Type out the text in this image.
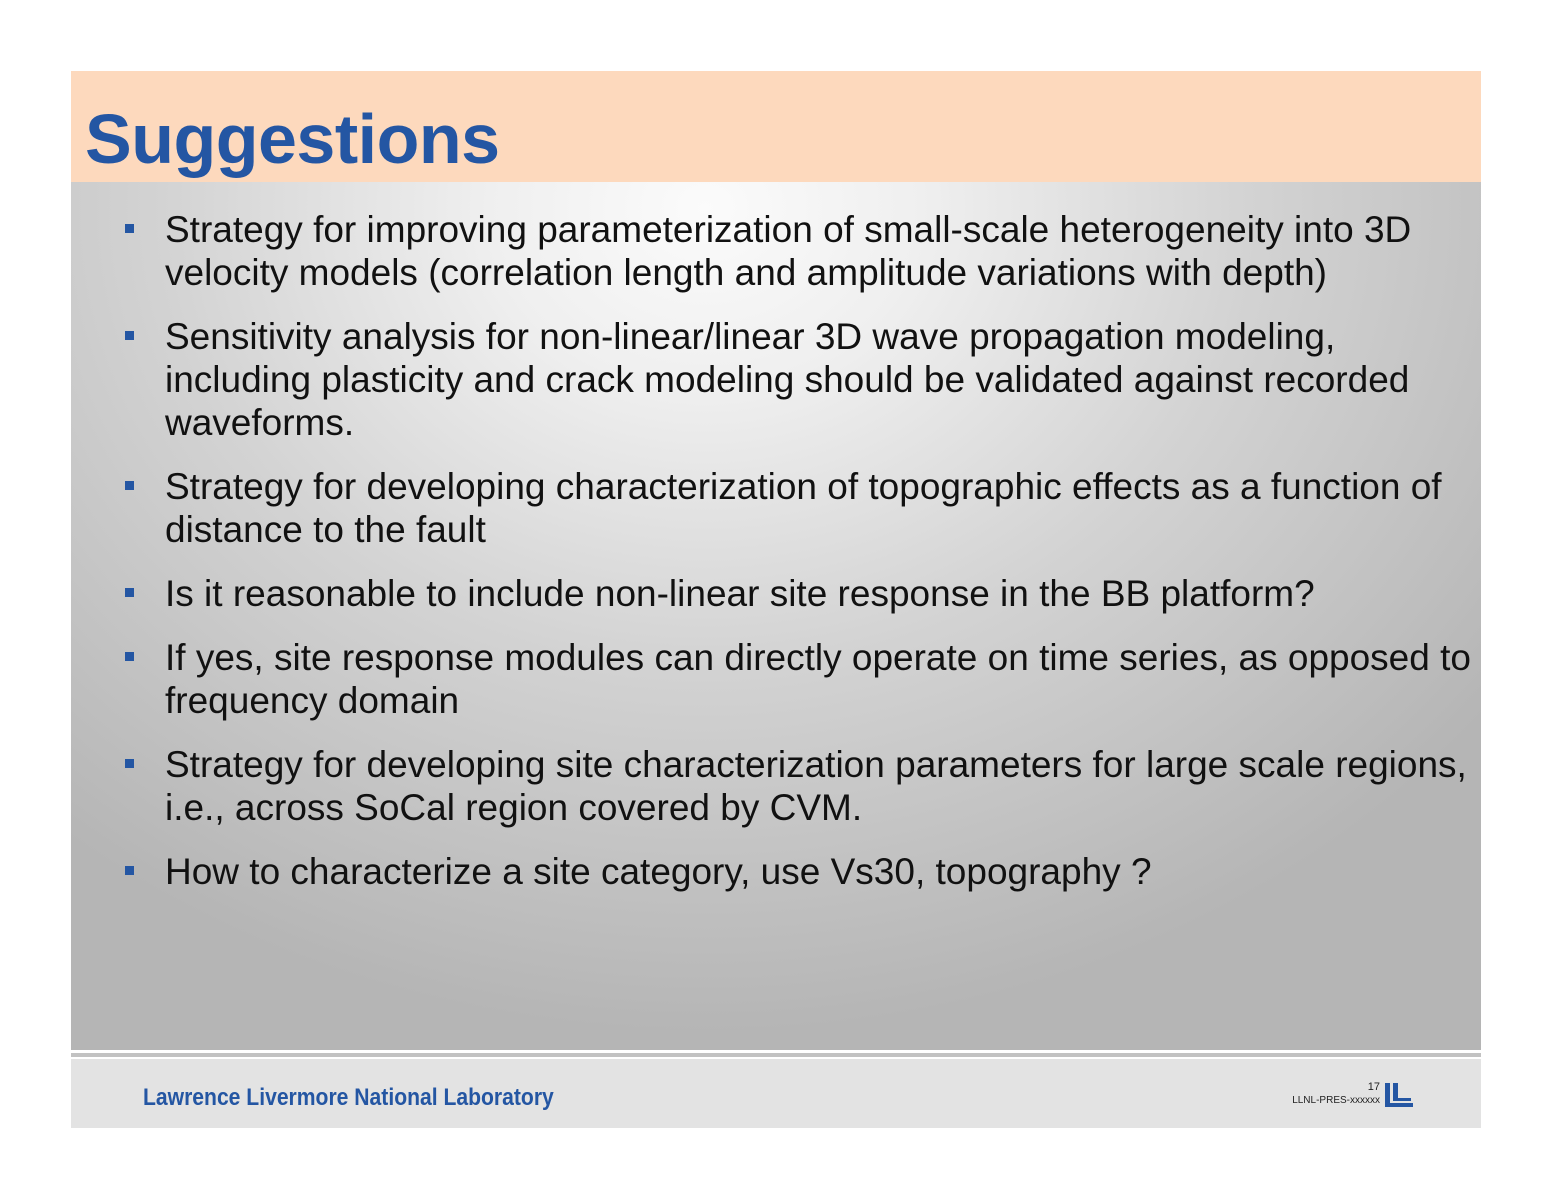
Suggestions
Strategy for improving parameterization of small-scale heterogeneity into 3D velocity models (correlation length and amplitude variations with depth)
Sensitivity analysis for non-linear/linear 3D wave propagation modeling, including plasticity and crack modeling should be validated against recorded waveforms.
Strategy for developing characterization of topographic effects as a function of distance to the fault
Is it reasonable to include non-linear site response in the BB platform?
If yes, site response modules can directly operate on time series, as opposed to frequency domain
Strategy for developing site characterization parameters for large scale regions, i.e., across SoCal region covered by CVM.
How to characterize a site category, use Vs30, topography ?
Lawrence Livermore National Laboratory	17
LLNL-PRES-xxxxxx
